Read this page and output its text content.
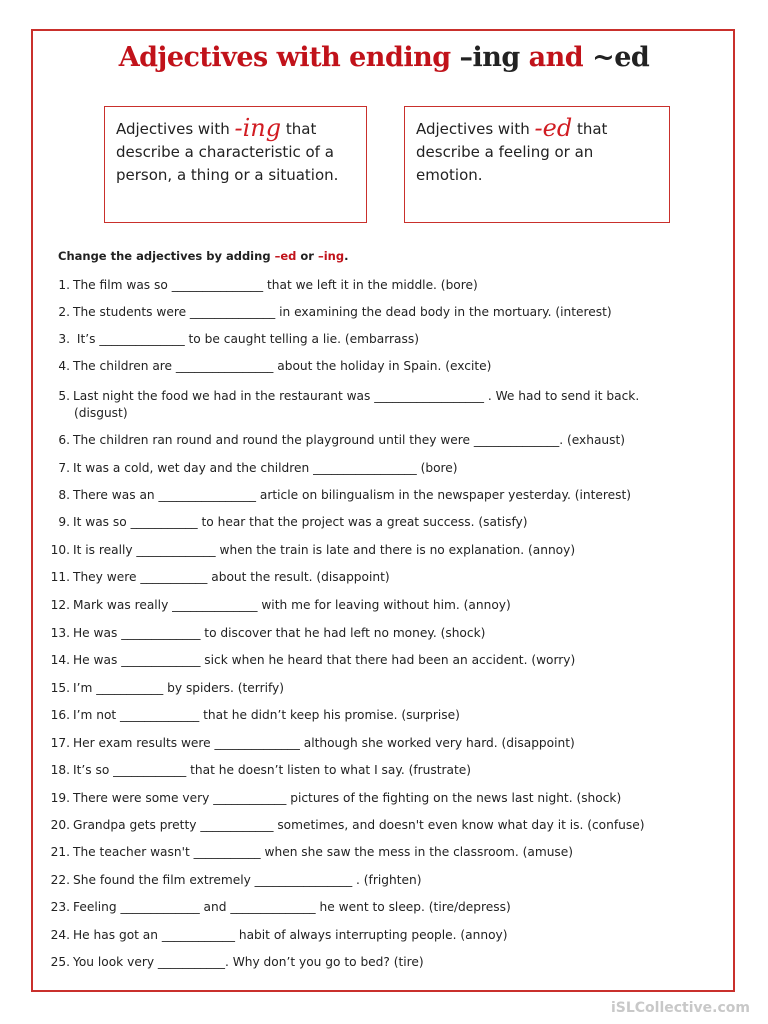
Adjectives with ending –ing and ~ed
Adjectives with -ing that
describe a characteristic of a person, a thing or a situation.
Adjectives with -ed that
describe a feeling or an emotion.
Change the adjectives by adding –ed or –ing.
1. The film was so _______________ that we left it in the middle. (bore)
2. The students were ______________ in examining the dead body in the mortuary. (interest)
3. It’s ______________ to be caught telling a lie. (embarrass)
4. The children are ________________ about the holiday in Spain. (excite)
5. Last night the food we had in the restaurant was __________________ . We had to send it back.
(disgust)
6. The children ran round and round the playground until they were ______________. (exhaust)
7. It was a cold, wet day and the children _________________ (bore)
8. There was an ________________ article on bilingualism in the newspaper yesterday. (interest)
9. It was so ___________ to hear that the project was a great success. (satisfy)
10. It is really _____________ when the train is late and there is no explanation. (annoy)
11. They were ___________ about the result. (disappoint)
12. Mark was really ______________ with me for leaving without him. (annoy)
13. He was _____________ to discover that he had left no money. (shock)
14. He was _____________ sick when he heard that there had been an accident. (worry)
15. I’m ___________ by spiders. (terrify)
16. I’m not _____________ that he didn’t keep his promise. (surprise)
17. Her exam results were ______________ although she worked very hard. (disappoint)
18. It’s so ____________ that he doesn’t listen to what I say. (frustrate)
19. There were some very ____________ pictures of the fighting on the news last night. (shock)
20. Grandpa gets pretty ____________ sometimes, and doesn't even know what day it is. (confuse)
21. The teacher wasn't ___________ when she saw the mess in the classroom. (amuse)
22. She found the film extremely ________________ . (frighten)
23. Feeling _____________ and ______________ he went to sleep. (tire/depress)
24. He has got an ____________ habit of always interrupting people. (annoy)
25. You look very ___________. Why don’t you go to bed? (tire)
iSLCollective.com
